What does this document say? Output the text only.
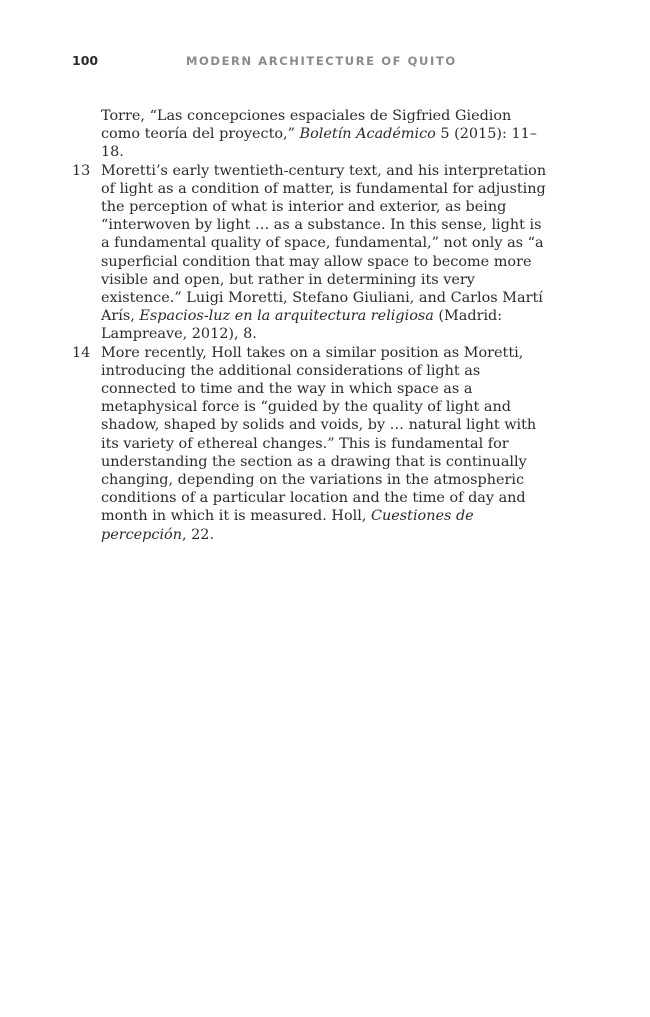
100	MODERN ARCHITECTURE OF QUITO

Torre, “Las concepciones espaciales de Sigfried Giedion como teoría del proyecto,” Boletín Académico 5 (2015): 11–18.

13 Moretti’s early twentieth-century text, and his interpretation of light as a condition of matter, is fundamental for adjusting the perception of what is interior and exterior, as being “interwoven by light … as a substance. In this sense, light is a fundamental quality of space, fundamental,” not only as “a superficial condition that may allow space to become more visible and open, but rather in determining its very existence.” Luigi Moretti, Stefano Giuliani, and Carlos Martí Arís, Espacios-luz en la arquitectura religiosa (Madrid: Lampreave, 2012), 8.

14 More recently, Holl takes on a similar position as Moretti, introducing the additional considerations of light as connected to time and the way in which space as a metaphysical force is “guided by the quality of light and shadow, shaped by solids and voids, by … natural light with its variety of ethereal changes.” This is fundamental for understanding the section as a drawing that is continually changing, depending on the variations in the atmospheric conditions of a particular location and the time of day and month in which it is measured. Holl, Cuestiones de percepción, 22.
